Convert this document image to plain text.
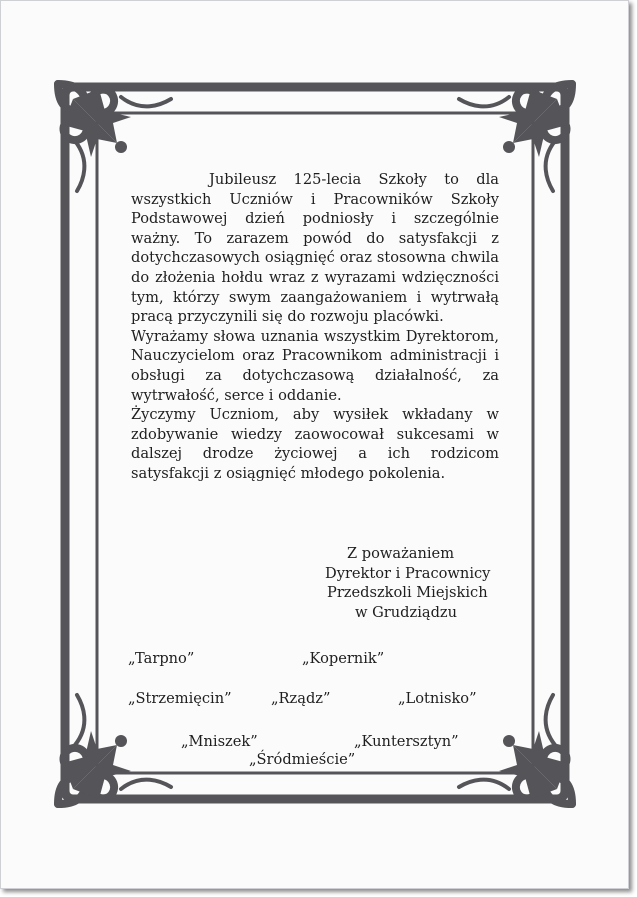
Jubileusz 125-lecia Szkoły to dla wszystkich Uczniów i Pracowników Szkoły Podstawowej dzień podniosły i szczególnie ważny. To zarazem powód do satysfakcji z dotychczasowych osiągnięć oraz stosowna chwila do złożenia hołdu wraz z wyrazami wdzięczności tym, którzy swym zaangażowaniem i wytrwałą pracą przyczynili się do rozwoju placówki.

Wyrażamy słowa uznania wszystkim Dyrektorom, Nauczycielom oraz Pracownikom administracji i obsługi za dotychczasową działalność, za wytrwałość, serce i oddanie.

Życzymy Uczniom, aby wysiłek wkładany w zdobywanie wiedzy zaowocował sukcesami w dalszej drodze życiowej a ich rodzicom satysfakcji z osiągnięć młodego pokolenia.

Z poważaniem
Dyrektor i Pracownicy
Przedszkoli Miejskich
w Grudziądzu
„Tarpno”	„Kopernik”
„Strzemięcin”	„Rządz”	„Lotnisko”
„Mniszek”	„Kuntersztyn”
„Śródmieście”
